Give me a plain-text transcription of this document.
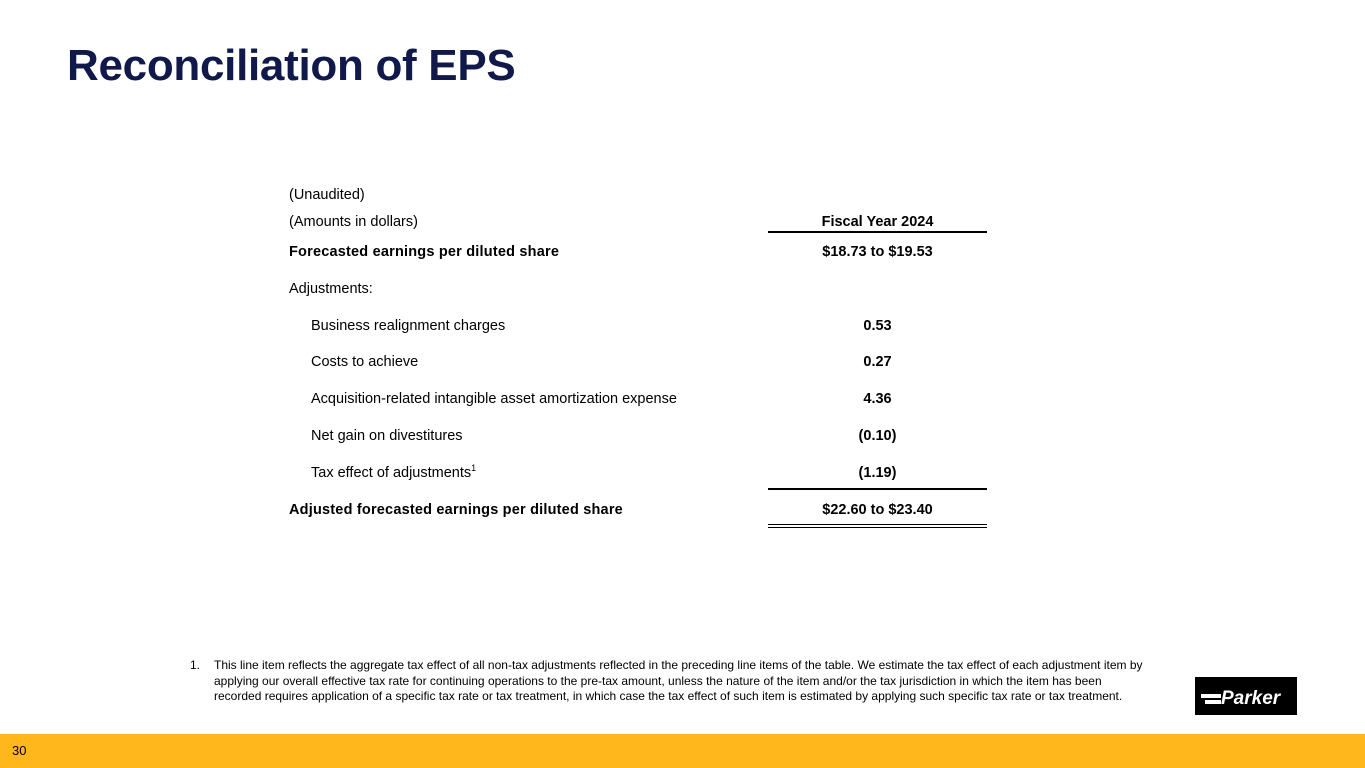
Reconciliation of EPS
(Unaudited)
(Amounts in dollars)	Fiscal Year 2024
Forecasted earnings per diluted share	$18.73 to $19.53
Adjustments:
Business realignment charges	0.53
Costs to achieve	0.27
Acquisition-related intangible asset amortization expense	4.36
Net gain on divestitures	(0.10)
Tax effect of adjustments$^1$	(1.19)
Adjusted forecasted earnings per diluted share	$22.60 to $23.40
1.	This line item reflects the aggregate tax effect of all non-tax adjustments reflected in the preceding line items of the table. We estimate the tax effect of each adjustment item by applying our overall effective tax rate for continuing operations to the pre-tax amount, unless the nature of the item and/or the tax jurisdiction in which the item has been recorded requires application of a specific tax rate or tax treatment, in which case the tax effect of such item is estimated by applying such specific tax rate or tax treatment.	Parker
30
